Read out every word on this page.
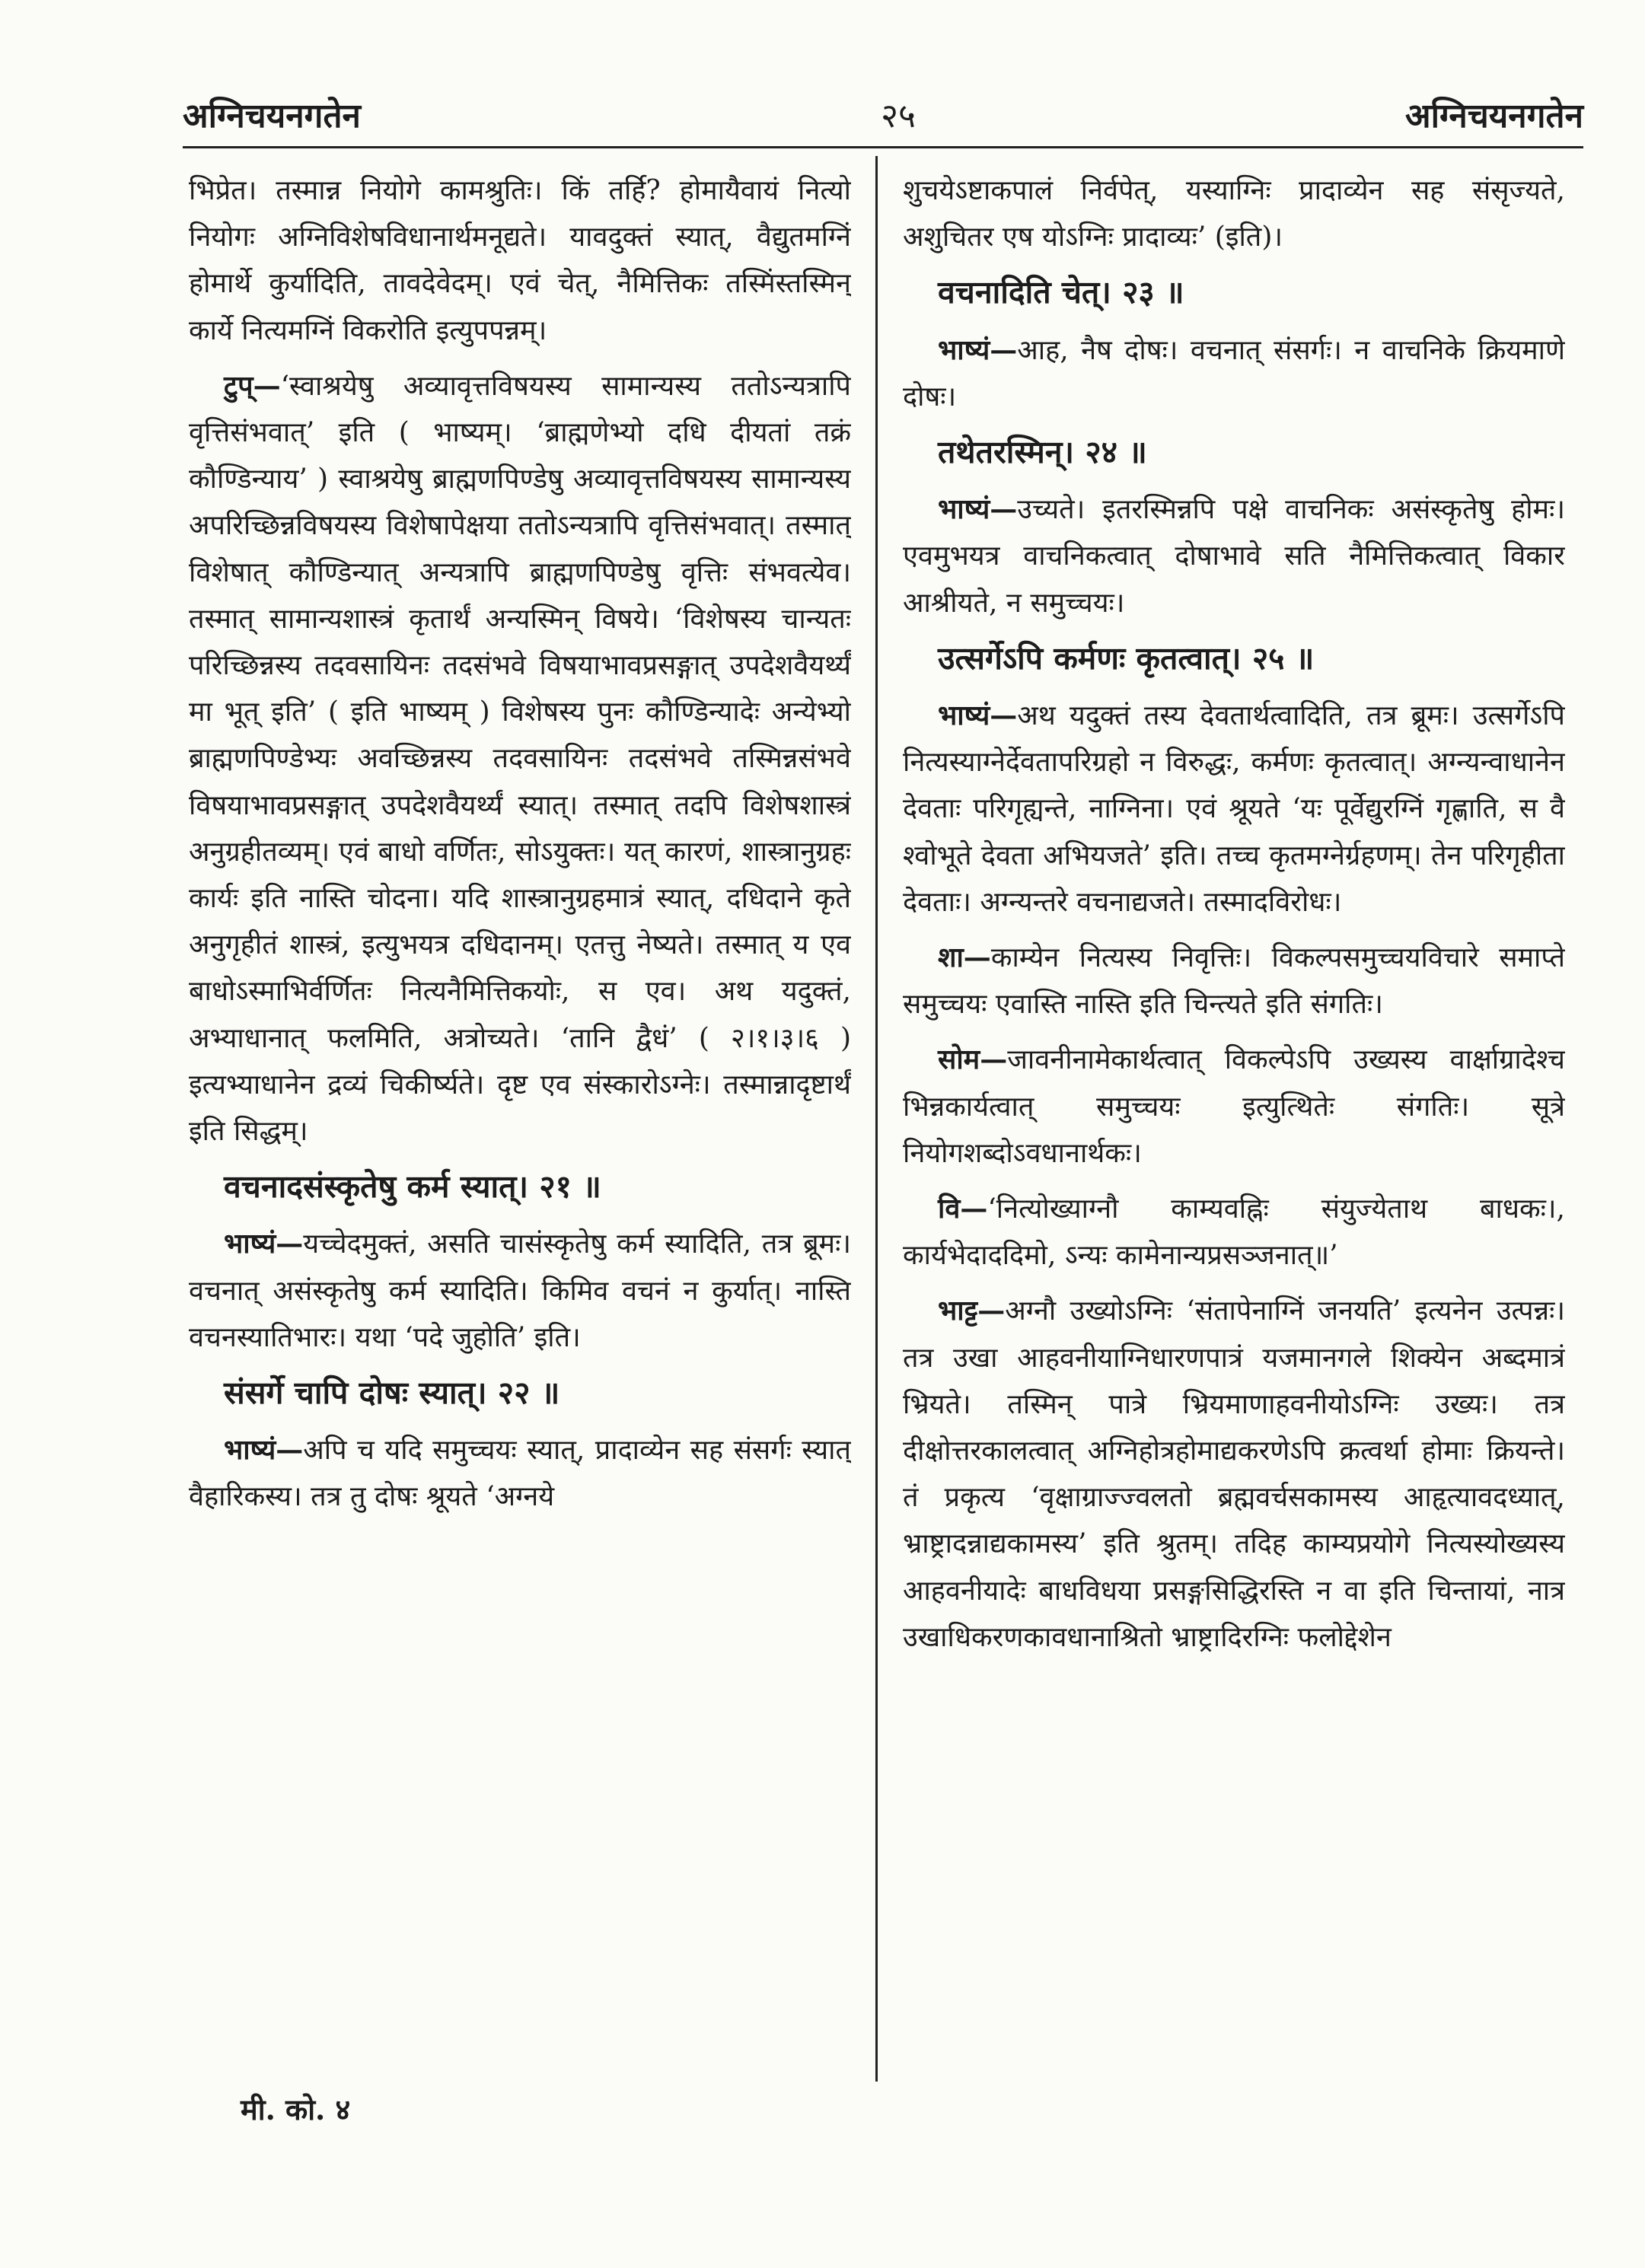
अग्निचयनगतेन	२५	अग्निचयनगतेन

भिप्रेत। तस्मान्न नियोगे कामश्रुतिः। किं तर्हि? होमायैवायं नित्यो नियोगः अग्निविशेषविधानार्थमनूद्यते। यावदुक्तं स्यात्, वैद्युतमग्निं होमार्थे कुर्यादिति, तावदेवेदम्। एवं चेत्, नैमित्तिकः तस्मिंस्तस्मिन् कार्ये नित्यमग्निं विकरोति इत्युपपन्नम्।

टुप्—‘स्वाश्रयेषु अव्यावृत्तविषयस्य सामान्यस्य ततोऽन्यत्रापि वृत्तिसंभवात्’ इति ( भाष्यम्। ‘ब्राह्मणेभ्यो दधि दीयतां तक्रं कौण्डिन्याय’ ) स्वाश्रयेषु ब्राह्मणपिण्डेषु अव्यावृत्तविषयस्य सामान्यस्य अपरिच्छिन्नविषयस्य विशेषापेक्षया ततोऽन्यत्रापि वृत्तिसंभवात्। तस्मात् विशेषात् कौण्डिन्यात् अन्यत्रापि ब्राह्मणपिण्डेषु वृत्तिः संभवत्येव। तस्मात् सामान्यशास्त्रं कृतार्थं अन्यस्मिन् विषये। ‘विशेषस्य चान्यतः परिच्छिन्नस्य तदवसायिनः तदसंभवे विषयाभावप्रसङ्गात् उपदेशवैयर्थ्यं मा भूत् इति’ ( इति भाष्यम् ) विशेषस्य पुनः कौण्डिन्यादेः अन्येभ्यो ब्राह्मणपिण्डेभ्यः अवच्छिन्नस्य तदवसायिनः तदसंभवे तस्मिन्नसंभवे विषयाभावप्रसङ्गात् उपदेशवैयर्थ्यं स्यात्। तस्मात् तदपि विशेषशास्त्रं अनुग्रहीतव्यम्। एवं बाधो वर्णितः, सोऽयुक्तः। यत् कारणं, शास्त्रानुग्रहः कार्यः इति नास्ति चोदना। यदि शास्त्रानुग्रहमात्रं स्यात्, दधिदाने कृते अनुगृहीतं शास्त्रं, इत्युभयत्र दधिदानम्। एतत्तु नेष्यते। तस्मात् य एव बाधोऽस्माभिर्वर्णितः नित्यनैमित्तिकयोः, स एव। अथ यदुक्तं, अभ्याधानात् फलमिति, अत्रोच्यते। ‘तानि द्वैधं’ ( २।१।३।६ ) इत्यभ्याधानेन द्रव्यं चिकीर्ष्यते। दृष्ट एव संस्कारोऽग्नेः। तस्मान्नादृष्टार्थं इति सिद्धम्।

वचनादसंस्कृतेषु कर्म स्यात्। २१ ॥

भाष्यं—यच्चेदमुक्तं, असति चासंस्कृतेषु कर्म स्यादिति, तत्र ब्रूमः। वचनात् असंस्कृतेषु कर्म स्यादिति। किमिव वचनं न कुर्यात्। नास्ति वचनस्यातिभारः। यथा ‘पदे जुहोति’ इति।

संसर्गे चापि दोषः स्यात्। २२ ॥

भाष्यं—अपि च यदि समुच्चयः स्यात्, प्रादाव्येन सह संसर्गः स्यात् वैहारिकस्य। तत्र तु दोषः श्रूयते ‘अग्नये

शुचयेऽष्टाकपालं निर्वपेत्, यस्याग्निः प्रादाव्येन सह संसृज्यते, अशुचितर एष योऽग्निः प्रादाव्यः’ (इति)।

वचनादिति चेत्। २३ ॥

भाष्यं—आह, नैष दोषः। वचनात् संसर्गः। न वाचनिके क्रियमाणे दोषः।

तथेतरस्मिन्। २४ ॥

भाष्यं—उच्यते। इतरस्मिन्नपि पक्षे वाचनिकः असंस्कृतेषु होमः। एवमुभयत्र वाचनिकत्वात् दोषाभावे सति नैमित्तिकत्वात् विकार आश्रीयते, न समुच्चयः।

उत्सर्गेऽपि कर्मणः कृतत्वात्। २५ ॥

भाष्यं—अथ यदुक्तं तस्य देवतार्थत्वादिति, तत्र ब्रूमः। उत्सर्गेऽपि नित्यस्याग्नेर्देवतापरिग्रहो न विरुद्धः, कर्मणः कृतत्वात्। अग्न्यन्वाधानेन देवताः परिगृह्यन्ते, नाग्निना। एवं श्रूयते ‘यः पूर्वेद्युरग्निं गृह्णाति, स वै श्वोभूते देवता अभियजते’ इति। तच्च कृतमग्नेर्ग्रहणम्। तेन परिगृहीता देवताः। अग्न्यन्तरे वचनाद्यजते। तस्मादविरोधः।

शा—काम्येन नित्यस्य निवृत्तिः। विकल्पसमुच्चयविचारे समाप्ते समुच्चयः एवास्ति नास्ति इति चिन्त्यते इति संगतिः।

सोम—जावनीनामेकार्थत्वात् विकल्पेऽपि उख्यस्य वार्क्षाग्रादेश्च भिन्नकार्यत्वात् समुच्चयः इत्युत्थितेः संगतिः। सूत्रे नियोगशब्दोऽवधानार्थकः।

वि—‘नित्योख्याग्नौ काम्यवह्निः संयुज्येताथ बाधकः।, कार्यभेदाददिमो, ऽन्यः कामेनान्यप्रसञ्जनात्॥’

भाट्ट—अग्नौ उख्योऽग्निः ‘संतापेनाग्निं जनयति’ इत्यनेन उत्पन्नः। तत्र उखा आहवनीयाग्निधारणपात्रं यजमानगले शिक्येन अब्दमात्रं भ्रियते। तस्मिन् पात्रे भ्रियमाणाहवनीयोऽग्निः उख्यः। तत्र दीक्षोत्तरकालत्वात् अग्निहोत्रहोमाद्यकरणेऽपि क्रत्वर्था होमाः क्रियन्ते। तं प्रकृत्य ‘वृक्षाग्राज्ज्वलतो ब्रह्मवर्चसकामस्य आहृत्यावदध्यात्, भ्राष्ट्रादन्नाद्यकामस्य’ इति श्रुतम्। तदिह काम्यप्रयोगे नित्यस्योख्यस्य आहवनीयादेः बाधविधया प्रसङ्गसिद्धिरस्ति न वा इति चिन्तायां, नात्र उखाधिकरणकावधानाश्रितो भ्राष्ट्रादिरग्निः फलोद्देशेन

मी. को. ४
